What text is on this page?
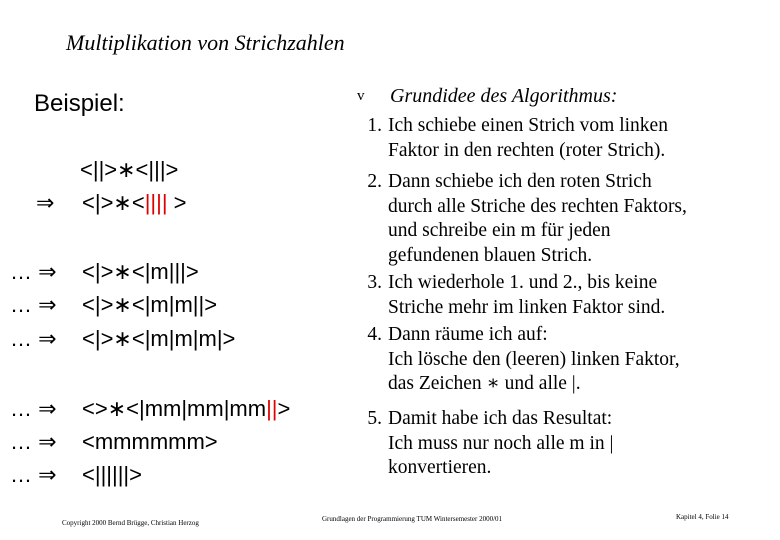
Multiplikation von Strichzahlen
Beispiel:
<||>∗<|||>
⇒ <|>∗<|||| >
… ⇒ <|>∗<|m|||>
… ⇒ <|>∗<|m|m||>
… ⇒ <|>∗<|m|m|m|>
… ⇒ <>∗<|mm|mm|mm||>
… ⇒ <mmmmmm>
… ⇒ <||||||>
v Grundidee des Algorithmus:
1. Ich schiebe einen Strich vom linken
Faktor in den rechten (roter Strich).
2. Dann schiebe ich den roten Strich
durch alle Striche des rechten Faktors,
und schreibe ein m für jeden
gefundenen blauen Strich.
3. Ich wiederhole 1. und 2., bis keine
Striche mehr im linken Faktor sind.
4. Dann räume ich auf:
Ich lösche den (leeren) linken Faktor,
das Zeichen ∗ und alle |.
5. Damit habe ich das Resultat:
Ich muss nur noch alle m in |
konvertieren.
Copyright 2000 Bernd Brügge, Christian Herzog	Grundlagen der Programmierung TUM Wintersemester 2000/01	Kapitel 4, Folie 14
